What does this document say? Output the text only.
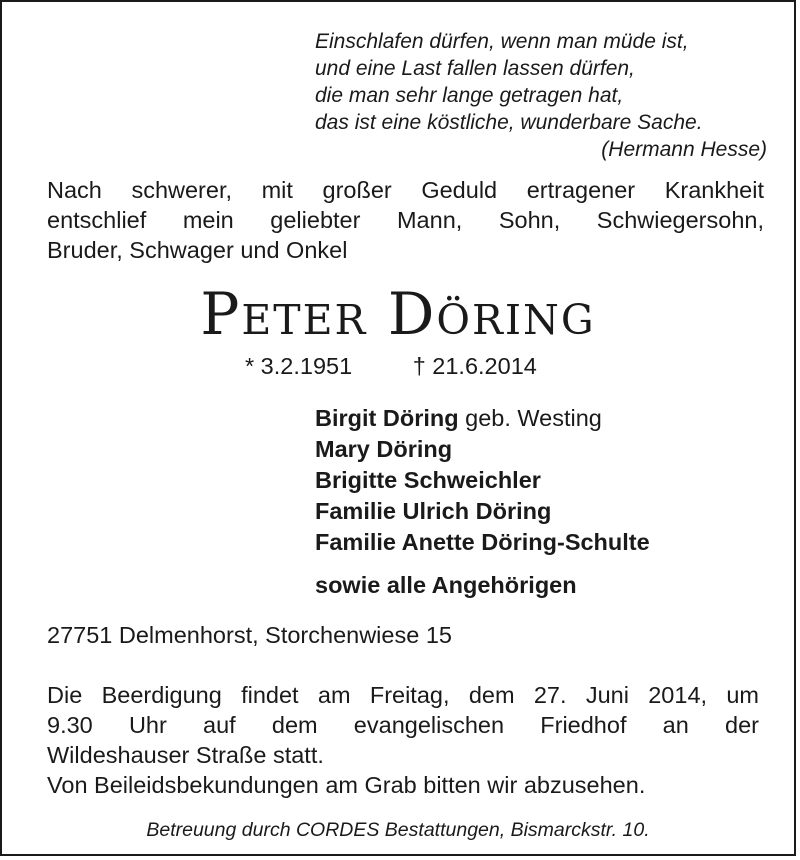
Einschlafen dürfen, wenn man müde ist,
und eine Last fallen lassen dürfen,
die man sehr lange getragen hat,
das ist eine köstliche, wunderbare Sache.
(Hermann Hesse)
Nach schwerer, mit großer Geduld ertragener Krankheit
entschlief mein geliebter Mann, Sohn, Schwiegersohn,
Bruder, Schwager und Onkel
Peter Döring
* 3.2.1951	† 21.6.2014
Birgit Döring geb. Westing
Mary Döring
Brigitte Schweichler
Familie Ulrich Döring
Familie Anette Döring-Schulte
sowie alle Angehörigen
27751 Delmenhorst, Storchenwiese 15
Die Beerdigung findet am Freitag, dem 27. Juni 2014, um
9.30 Uhr auf dem evangelischen Friedhof an der
Wildeshauser Straße statt.
Von Beileidsbekundungen am Grab bitten wir abzusehen.
Betreuung durch CORDES Bestattungen, Bismarckstr. 10.
